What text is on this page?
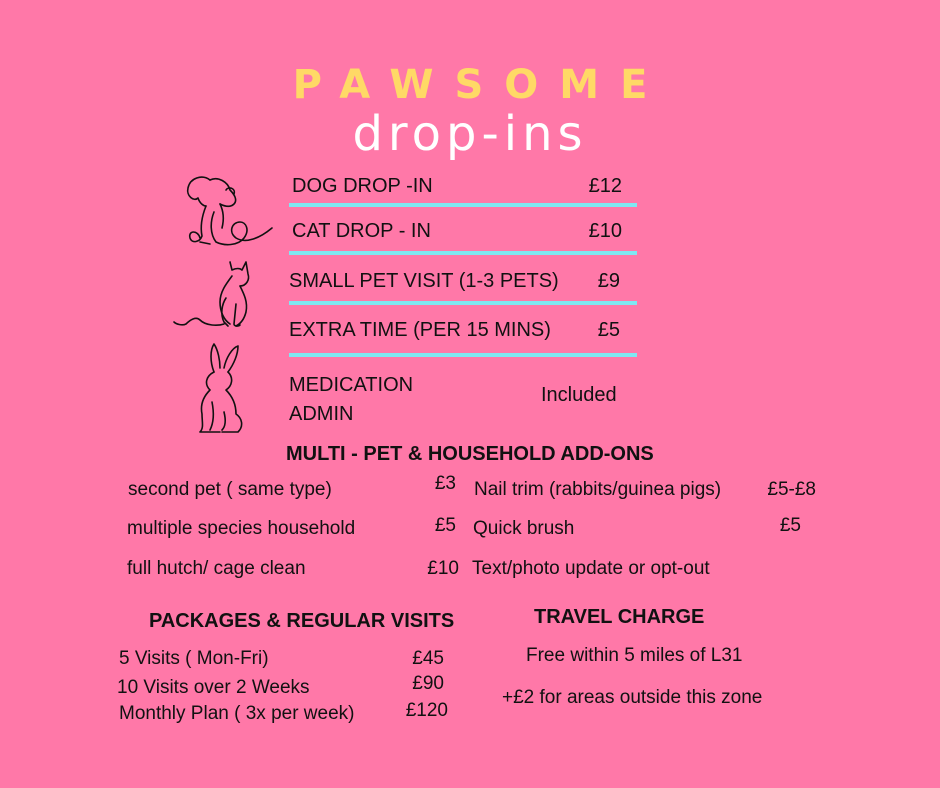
PAWSOME
drop-ins
DOG DROP -IN	£12
CAT DROP - IN	£10
SMALL PET VISIT (1-3 PETS)	£9
EXTRA TIME (PER 15 MINS)	£5
MEDICATION
ADMIN
Included
MULTI - PET & HOUSEHOLD ADD-ONS
second pet ( same type)	£3
multiple species household	£5
full hutch/ cage clean	£10
Nail trim (rabbits/guinea pigs)	£5-£8
Quick brush	£5
Text/photo update or opt-out
PACKAGES & REGULAR VISITS
5 Visits ( Mon-Fri)	£45
10 Visits over 2 Weeks	£90
Monthly Plan ( 3x per week)	£120
TRAVEL CHARGE
Free within 5 miles of L31
+£2 for areas outside this zone
